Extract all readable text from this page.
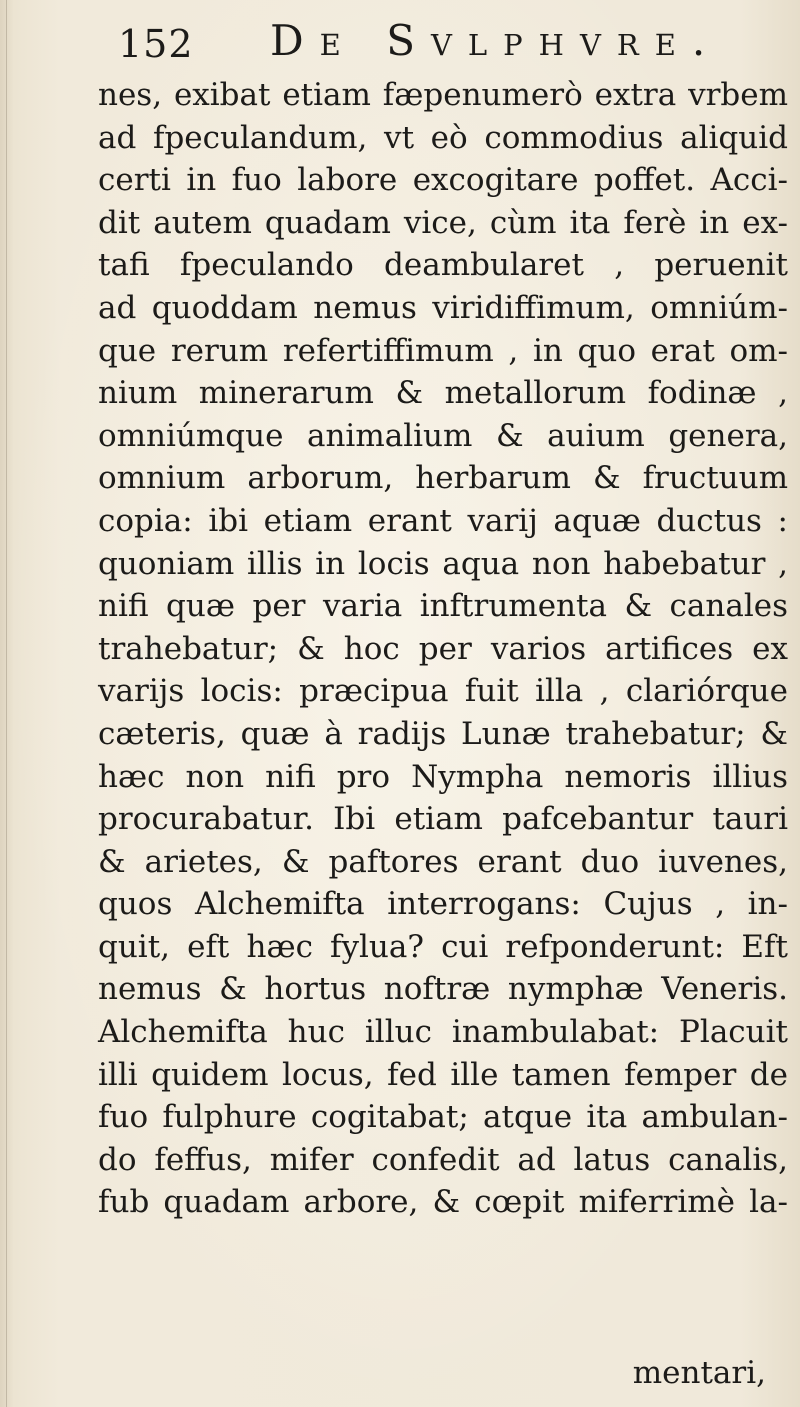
152 De Svlphvre.
nes, exibat etiam fæpenumerò extra vrbem
ad fpeculandum, vt eò commodius aliquid
certi in fuo labore excogitare poffet. Acci-
dit autem quadam vice, cùm ita ferè in ex-
tafi fpeculando deambularet , peruenit
ad quoddam nemus viridiffimum, omniúm-
que rerum refertiffimum , in quo erat om-
nium minerarum & metallorum fodinæ ,
omniúmque animalium & auium genera,
omnium arborum, herbarum & fructuum
copia: ibi etiam erant varij aquæ ductus :
quoniam illis in locis aqua non habebatur ,
nifi quæ per varia inftrumenta & canales
trahebatur; & hoc per varios artifices ex
varijs locis: præcipua fuit illa , clariórque
cæteris, quæ à radijs Lunæ trahebatur; &
hæc non nifi pro Nympha nemoris illius
procurabatur. Ibi etiam pafcebantur tauri
& arietes, & paftores erant duo iuvenes,
quos Alchemifta interrogans: Cujus , in-
quit, eft hæc fylua? cui refponderunt: Eft
nemus & hortus noftræ nymphæ Veneris.
Alchemifta huc illuc inambulabat: Placuit
illi quidem locus, fed ille tamen femper de
fuo fulphure cogitabat; atque ita ambulan-
do feffus, mifer confedit ad latus canalis,
fub quadam arbore, & cœpit miferrimè la-
mentari,
